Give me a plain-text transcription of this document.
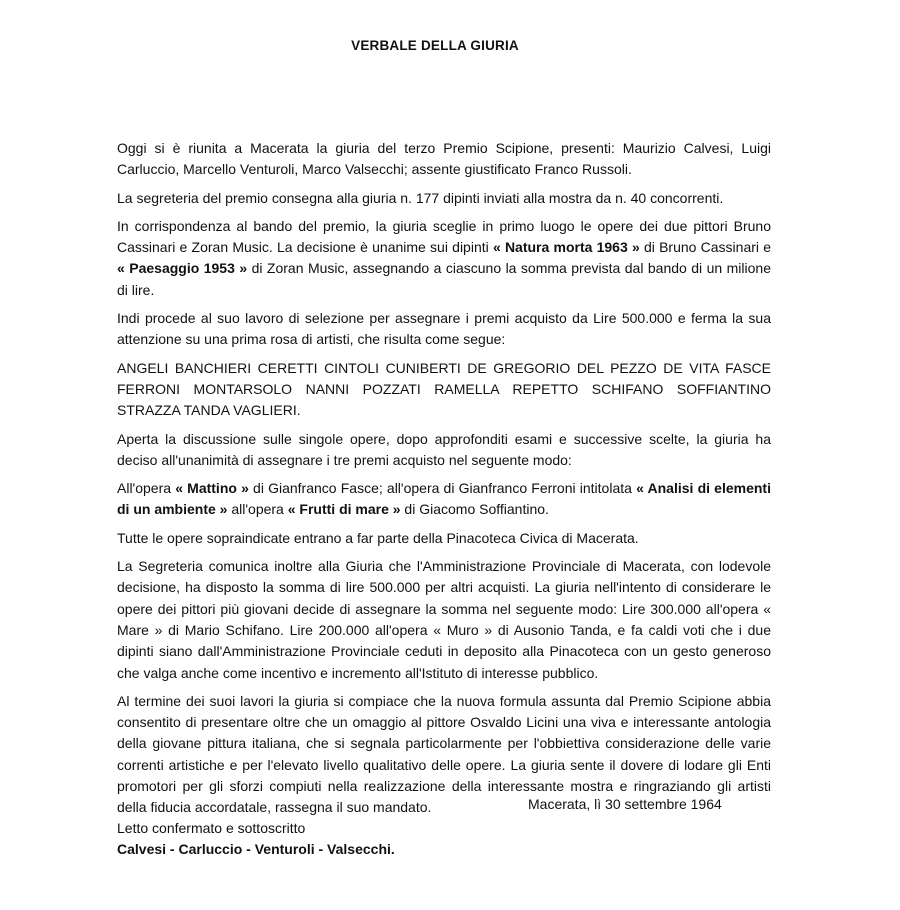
VERBALE DELLA GIURIA

Oggi si è riunita a Macerata la giuria del terzo Premio Scipione, presenti: Maurizio Calvesi, Luigi Carluccio, Marcello Venturoli, Marco Valsecchi; assente giustificato Franco Russoli.

La segreteria del premio consegna alla giuria n. 177 dipinti inviati alla mostra da n. 40 concorrenti.

In corrispondenza al bando del premio, la giuria sceglie in primo luogo le opere dei due pittori Bruno Cassinari e Zoran Music. La decisione è unanime sui dipinti « Natura morta 1963 » di Bruno Cassinari e « Paesaggio 1953 » di Zoran Music, assegnando a ciascuno la somma prevista dal bando di un milione di lire.

Indi procede al suo lavoro di selezione per assegnare i premi acquisto da Lire 500.000 e ferma la sua attenzione su una prima rosa di artisti, che risulta come segue:

ANGELI BANCHIERI CERETTI CINTOLI CUNIBERTI DE GREGORIO DEL PEZZO DE VITA FASCE FERRONI MONTARSOLO NANNI POZZATI RAMELLA REPETTO SCHIFANO SOFFIANTINO STRAZZA TANDA VAGLIERI.

Aperta la discussione sulle singole opere, dopo approfonditi esami e successive scelte, la giuria ha deciso all'unanimità di assegnare i tre premi acquisto nel seguente modo:

All'opera « Mattino » di Gianfranco Fasce; all'opera di Gianfranco Ferroni intitolata « Analisi di elementi di un ambiente » all'opera « Frutti di mare » di Giacomo Soffiantino.

Tutte le opere sopraindicate entrano a far parte della Pinacoteca Civica di Macerata.

La Segreteria comunica inoltre alla Giuria che l'Amministrazione Provinciale di Macerata, con lodevole decisione, ha disposto la somma di lire 500.000 per altri acquisti. La giuria nell'intento di considerare le opere dei pittori più giovani decide di assegnare la somma nel seguente modo: Lire 300.000 all'opera « Mare » di Mario Schifano. Lire 200.000 all'opera « Muro » di Ausonio Tanda, e fa caldi voti che i due dipinti siano dall'Amministrazione Provinciale ceduti in deposito alla Pinacoteca con un gesto generoso che valga anche come incentivo e incremento all'Istituto di interesse pubblico.

Al termine dei suoi lavori la giuria si compiace che la nuova formula assunta dal Premio Scipione abbia consentito di presentare oltre che un omaggio al pittore Osvaldo Licini una viva e interessante antologia della giovane pittura italiana, che si segnala particolarmente per l'obbiettiva considerazione delle varie correnti artistiche e per l'elevato livello qualitativo delle opere. La giuria sente il dovere di lodare gli Enti promotori per gli sforzi compiuti nella realizzazione della interessante mostra e ringraziando gli artisti della fiducia accordatale, rassegna il suo mandato.	Macerata, lì 30 settembre 1964
Letto confermato e sottoscritto
Calvesi - Carluccio - Venturoli - Valsecchi.
